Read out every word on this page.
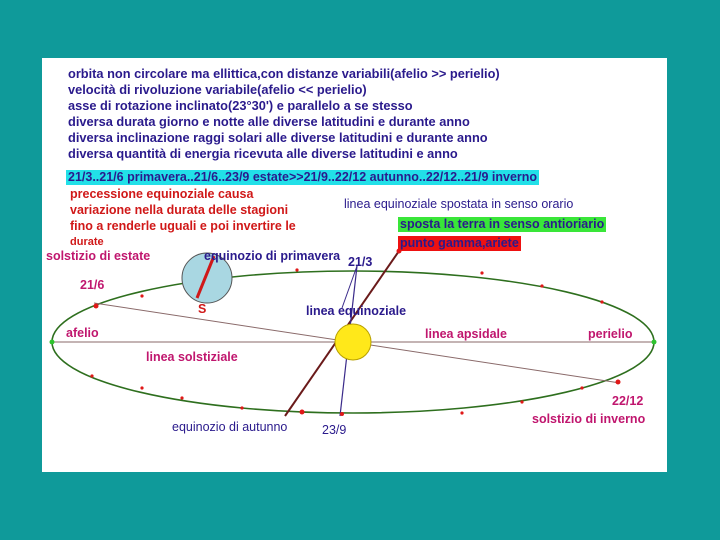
orbita non circolare ma ellittica,con distanze variabili(afelio >> perielio)
velocità di rivoluzione variabile(afelio << perielio)
asse di rotazione inclinato(23°30') e parallelo a se stesso
diversa durata giorno e notte alle diverse latitudini e durante anno
diversa inclinazione raggi solari alle diverse latitudini e durante anno
diversa quantità di energia ricevuta alle diverse latitudini e anno
21/3..21/6 primavera..21/6..23/9 estate>>21/9..22/12 autunno..22/12..21/9 inverno
precessione equinoziale causa
variazione nella durata delle stagioni
fino a renderle uguali e poi invertire le
durate
linea equinoziale spostata in senso orario
sposta la terra in senso antioriario
punto gamma,ariete
solstizio di estate	equinozio di primavera 21/3
21/6
S	linea equinoziale
afelio	linea apsidale	perielio
linea solstiziale
22/12
solstizio di inverno
equinozio di autunno	23/9
